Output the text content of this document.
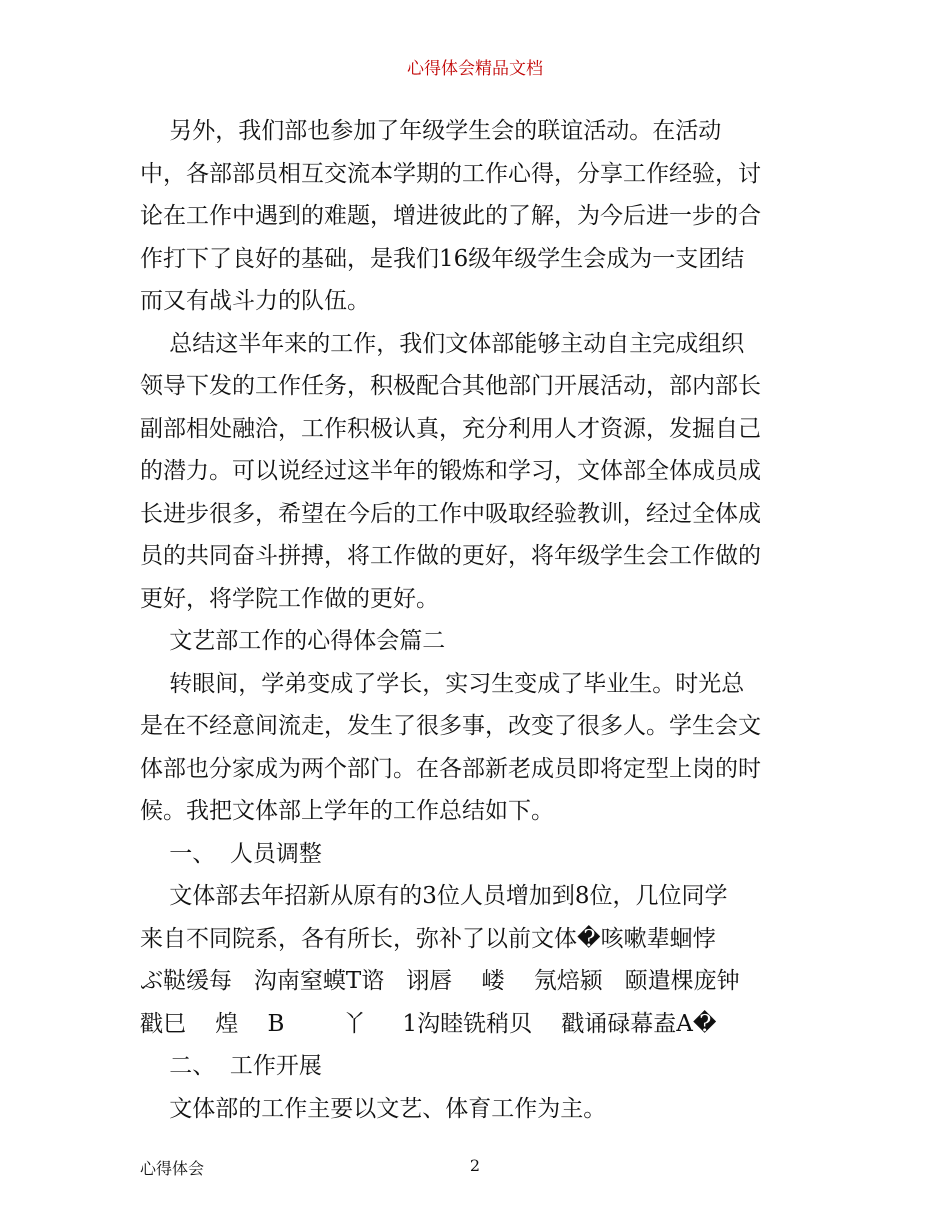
心得体会精品文档
另外，我们部也参加了年级学生会的联谊活动。在活动
中，各部部员相互交流本学期的工作心得，分享工作经验，讨
论在工作中遇到的难题，增进彼此的了解，为今后进一步的合
作打下了良好的基础，是我们16级年级学生会成为一支团结
而又有战斗力的队伍。
总结这半年来的工作，我们文体部能够主动自主完成组织
领导下发的工作任务，积极配合其他部门开展活动，部内部长
副部相处融洽，工作积极认真，充分利用人才资源，发掘自己
的潜力。可以说经过这半年的锻炼和学习，文体部全体成员成
长进步很多，希望在今后的工作中吸取经验教训，经过全体成
员的共同奋斗拼搏，将工作做的更好，将年级学生会工作做的
更好，将学院工作做的更好。
文艺部工作的心得体会篇二
转眼间，学弟变成了学长，实习生变成了毕业生。时光总
是在不经意间流走，发生了很多事，改变了很多人。学生会文
体部也分家成为两个部门。在各部新老成员即将定型上岗的时
候。我把文体部上学年的工作总结如下。
一、  人员调整
文体部去年招新从原有的3位人员增加到8位，几位同学
来自不同院系，各有所长，弥补了以前文体�咳嗽辈蛔悖
ぶ鞑缓每   沟南窒蟆T谘   诩唇    嵝    氖焙颍   颐遣棵庞钟
戳巳    煌    B        丫     1沟睦铣稍贝    戳诵碌幕盍A�
二、  工作开展
文体部的工作主要以文艺、体育工作为主。
心得体会	2
